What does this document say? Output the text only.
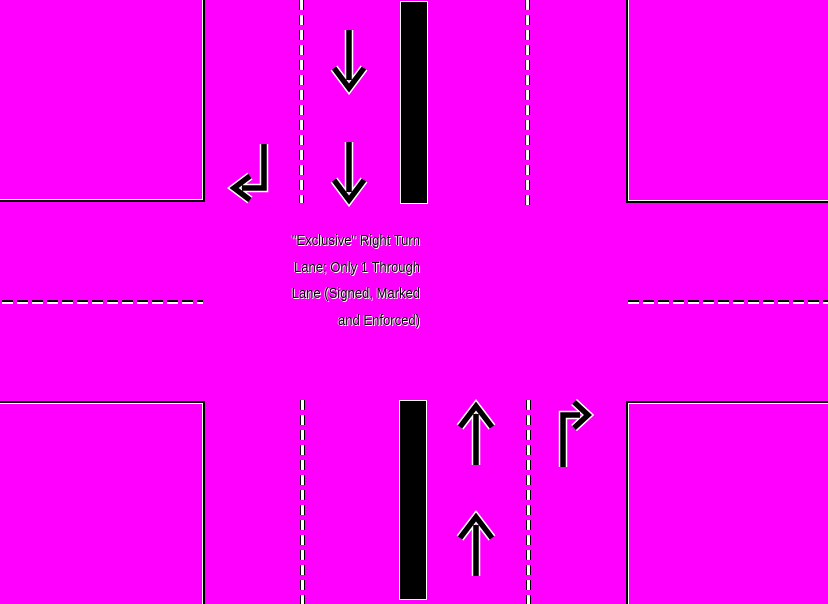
"Exclusive" Right Turn
Lane; Only 1 Through
Lane (Signed, Marked
and Enforced)
